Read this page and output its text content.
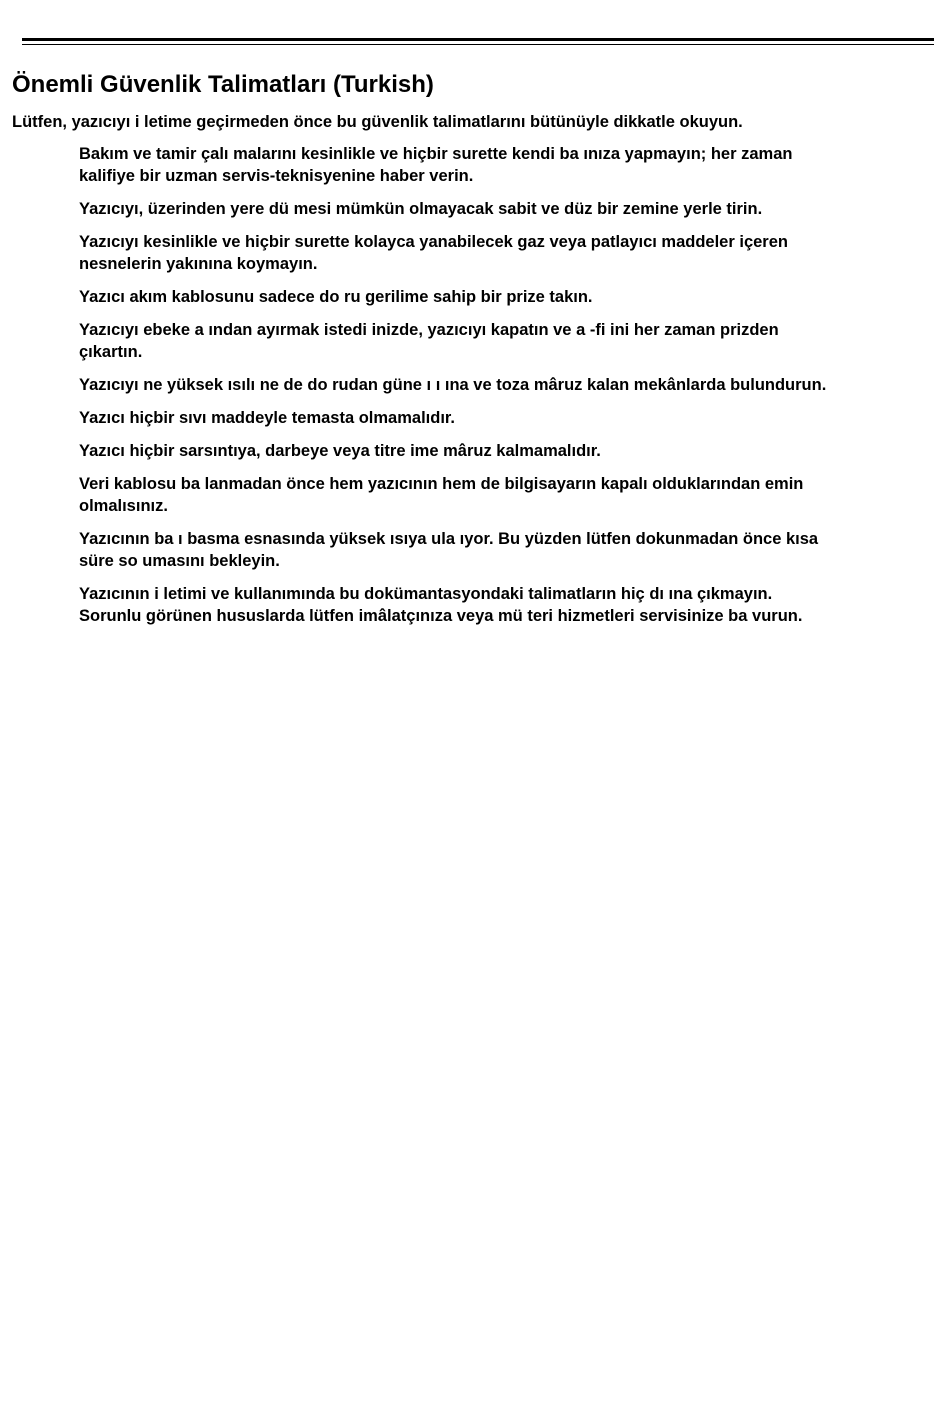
Önemli Güvenlik Talimatları (Turkish)

Lütfen, yazıcıyı i letime geçirmeden önce bu güvenlik talimatlarını bütünüyle dikkatle okuyun.

Bakım ve tamir çalı malarını kesinlikle ve hiçbir surette kendi ba ınıza yapmayın; her zaman
kalifiye bir uzman servis-teknisyenine haber verin.
Yazıcıyı, üzerinden yere dü mesi mümkün olmayacak sabit ve düz bir zemine yerle tirin.
Yazıcıyı kesinlikle ve hiçbir surette kolayca yanabilecek gaz veya patlayıcı maddeler içeren
nesnelerin yakınına koymayın.
Yazıcı akım kablosunu sadece do ru gerilime sahip bir prize takın.
Yazıcıyı ebeke a ından ayırmak istedi inizde, yazıcıyı kapatın ve a -fi ini her zaman prizden
çıkartın.
Yazıcıyı ne yüksek ısılı ne de do rudan güne ı ı ına ve toza mâruz kalan mekânlarda bulundurun.
Yazıcı hiçbir sıvı maddeyle temasta olmamalıdır.
Yazıcı hiçbir sarsıntıya, darbeye veya titre ime mâruz kalmamalıdır.
Veri kablosu ba lanmadan önce hem yazıcının hem de bilgisayarın kapalı olduklarından emin
olmalısınız.
Yazıcının ba ı basma esnasında yüksek ısıya ula ıyor. Bu yüzden lütfen dokunmadan önce kısa
süre so umasını bekleyin.
Yazıcının i letimi ve kullanımında bu dokümantasyondaki talimatların hiç dı ına çıkmayın.
Sorunlu görünen hususlarda lütfen imâlatçınıza veya mü teri hizmetleri servisinize ba vurun.
